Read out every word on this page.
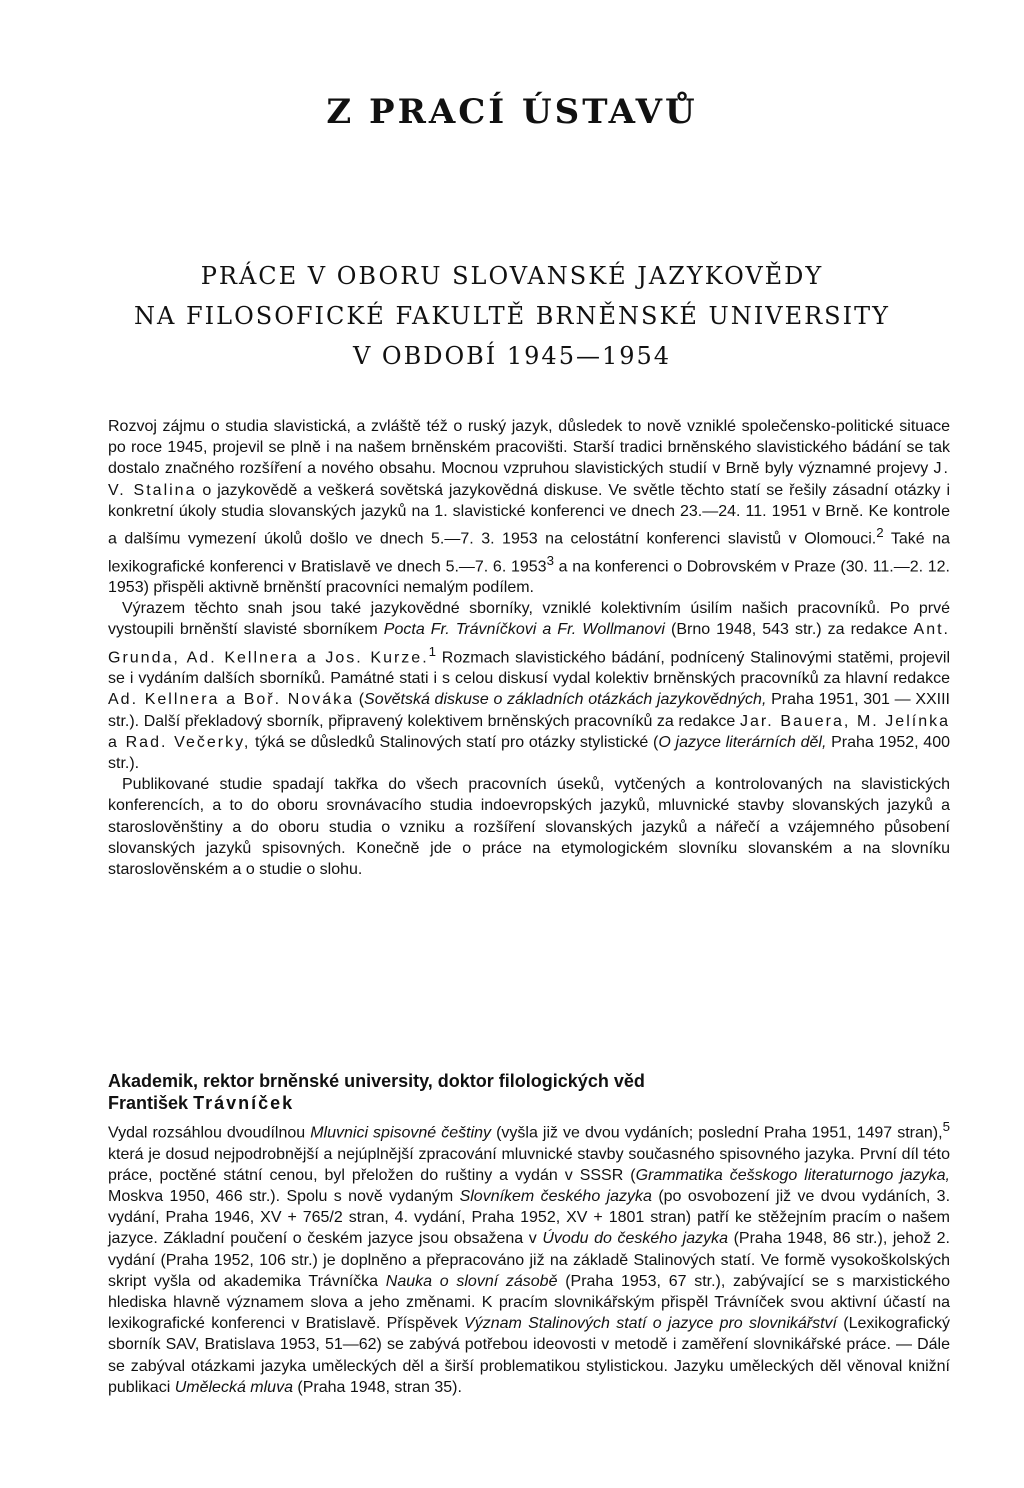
Z PRACÍ ÚSTAVŮ
PRÁCE V OBORU SLOVANSKÉ JAZYKOVĚDY
NA FILOSOFICKÉ FAKULTĚ BRNĚNSKÉ UNIVERSITY
V OBDOBÍ 1945—1954

Rozvoj zájmu o studia slavistická, a zvláště též o ruský jazyk, důsledek to nově vzniklé společensko-politické situace po roce 1945, projevil se plně i na našem brněnském pracovišti. Starší tradici brněnského slavistického bádání se tak dostalo značného rozšíření a nového obsahu. Mocnou vzpruhou slavistických studií v Brně byly významné projevy J. V. Stalina o jazykovědě a veškerá sovětská jazykovědná diskuse. Ve světle těchto statí se řešily zásadní otázky i konkretní úkoly studia slovanských jazyků na 1. slavistické konferenci ve dnech 23.—24. 11. 1951 v Brně. Ke kontrole a dalšímu vymezení úkolů došlo ve dnech 5.—7. 3. 1953 na celostátní konferenci slavistů v Olomouci.$^2$ Také na lexikografické konferenci v Bratislavě ve dnech 5.—7. 6. 1953$^3$ a na konferenci o Dobrovském v Praze (30. 11.—2. 12. 1953) přispěli aktivně brněnští pracovníci nemalým podílem.

Výrazem těchto snah jsou také jazykovědné sborníky, vzniklé kolektivním úsilím našich pracovníků. Po prvé vystoupili brněnští slavisté sborníkem Pocta Fr. Trávníčkovi a Fr. Wollmanovi (Brno 1948, 543 str.) za redakce Ant. Grunda, Ad. Kellnera a Jos. Kurze.$^1$ Rozmach slavistického bádání, podnícený Stalinovými statěmi, projevil se i vydáním dalších sborníků. Památné stati i s celou diskusí vydal kolektiv brněnských pracovníků za hlavní redakce Ad. Kellnera a Boř. Nováka (Sovětská diskuse o základních otázkách jazykovědných, Praha 1951, 301 — XXIII str.). Další překladový sborník, připravený kolektivem brněnských pracovníků za redakce Jar. Bauera, M. Jelínka a Rad. Večerky, týká se důsledků Stalinových statí pro otázky stylistické (O jazyce literárních děl, Praha 1952, 400 str.).

Publikované studie spadají takřka do všech pracovních úseků, vytčených a kontrolovaných na slavistických konferencích, a to do oboru srovnávacího studia indoevropských jazyků, mluvnické stavby slovanských jazyků a staroslověnštiny a do oboru studia o vzniku a rozšíření slovanských jazyků a nářečí a vzájemného působení slovanských jazyků spisovných. Konečně jde o práce na etymologickém slovníku slovanském a na slovníku staroslověnském a o studie o slohu.

Akademik, rektor brněnské university, doktor filologických věd
František Trávníček

Vydal rozsáhlou dvoudílnou Mluvnici spisovné češtiny (vyšla již ve dvou vydáních; poslední Praha 1951, 1497 stran),$^5$ která je dosud nejpodrobnější a nejúplnější zpracování mluvnické stavby současného spisovného jazyka. První díl této práce, poctěné státní cenou, byl přeložen do ruštiny a vydán v SSSR (Grammatika češskogo literaturnogo jazyka, Moskva 1950, 466 str.). Spolu s nově vydaným Slovníkem českého jazyka (po osvobození již ve dvou vydáních, 3. vydání, Praha 1946, XV + 765/2 stran, 4. vydání, Praha 1952, XV + 1801 stran) patří ke stěžejním pracím o našem jazyce. Základní poučení o českém jazyce jsou obsažena v Úvodu do českého jazyka (Praha 1948, 86 str.), jehož 2. vydání (Praha 1952, 106 str.) je doplněno a přepracováno již na základě Stalinových statí. Ve formě vysokoškolských skript vyšla od akademika Trávníčka Nauka o slovní zásobě (Praha 1953, 67 str.), zabývající se s marxistického hlediska hlavně významem slova a jeho změnami. K pracím slovnikářským přispěl Trávníček svou aktivní účastí na lexikografické konferenci v Bratislavě. Příspěvek Význam Stalinových statí o jazyce pro slovnikářství (Lexikografický sborník SAV, Bratislava 1953, 51—62) se zabývá potřebou ideovosti v metodě i zaměření slovnikářské práce. — Dále se zabýval otázkami jazyka uměleckých děl a širší problematikou stylistickou. Jazyku uměleckých děl věnoval knižní publikaci Umělecká mluva (Praha 1948, stran 35).
